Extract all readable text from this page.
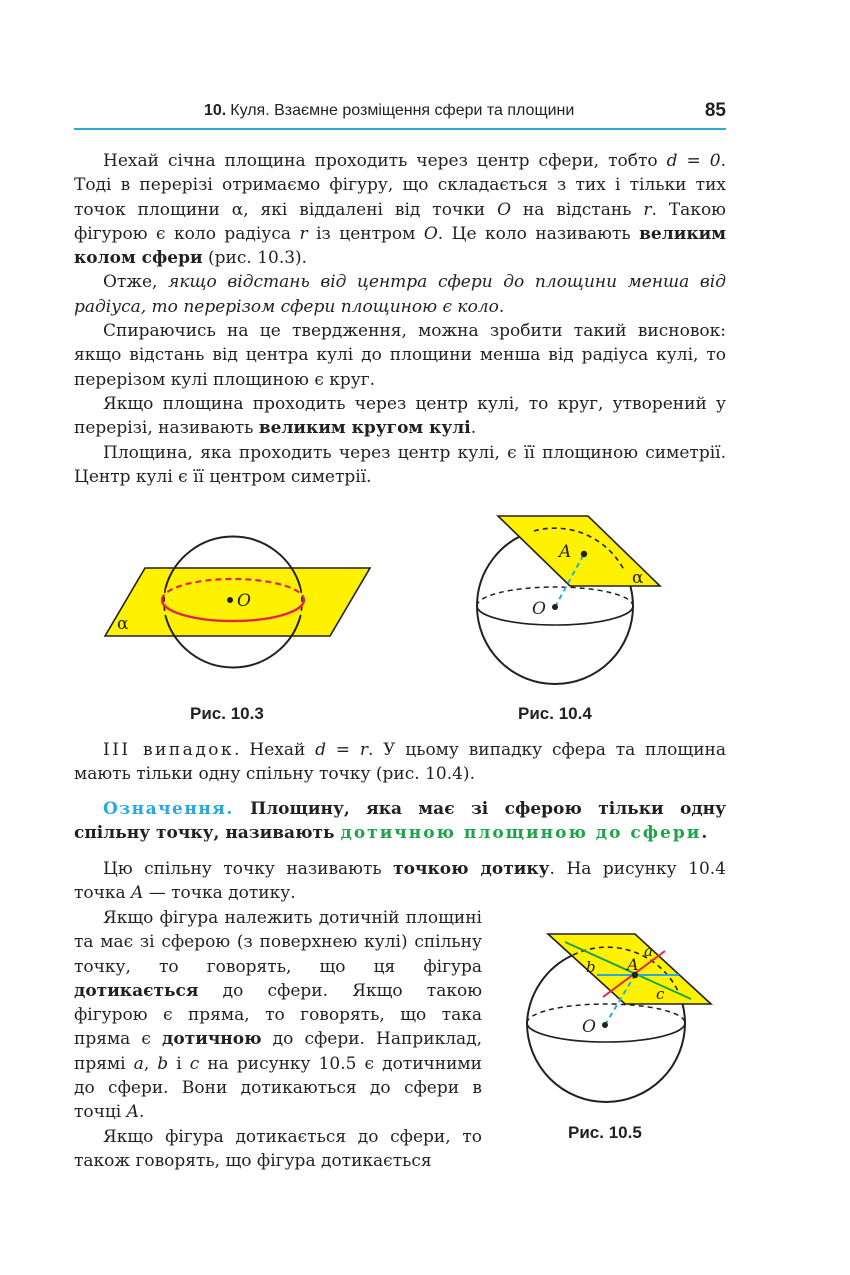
10. Куля. Взаємне розміщення сфери та площини	85

Нехай січна площина проходить через центр сфери, тобто d = 0. Тоді в перерізі отримаємо фігуру, що складається з тих і тільки тих точок площини α, які віддалені від точки O на відстань r. Такою фігурою є коло радіуса r із центром O. Це коло називають великим колом сфери (рис. 10.3).

Отже, якщо відстань від центра сфери до площини менша від радіуса, то перерізом сфери площиною є коло.

Спираючись на це твердження, можна зробити такий висновок: якщо відстань від центра кулі до площини менша від радіуса кулі, то перерізом кулі площиною є круг.

Якщо площина проходить через центр кулі, то круг, утворений у перерізі, називають великим кругом кулі.

Площина, яка проходить через центр кулі, є її площиною симетрії. Центр кулі є її центром симетрії.

O
α
Рис. 10.3
A
O
α
Рис. 10.4

ІІІ випадок. Нехай d = r. У цьому випадку сфера та площина мають тільки одну спільну точку (рис. 10.4).

Означення. Площину, яка має зі сферою тільки одну спільну точку, називають дотичною площиною до сфери.

Цю спільну точку називають точкою дотику. На рисунку 10.4 точка A — точка дотику.

Якщо фігура належить дотичній площині та має зі сферою (з поверхнею кулі) спільну точку, то говорять, що ця фігура дотикається до сфери. Якщо такою фігурою є пряма, то говорять, що така пряма є дотичною до сфери. Наприклад, прямі a, b і c на рисунку 10.5 є дотичними до сфери. Вони дотикаються до сфери в точці A.

Якщо фігура дотикається до сфери, то також говорять, що фігура дотикається

A
a
b
c
O
Рис. 10.5
